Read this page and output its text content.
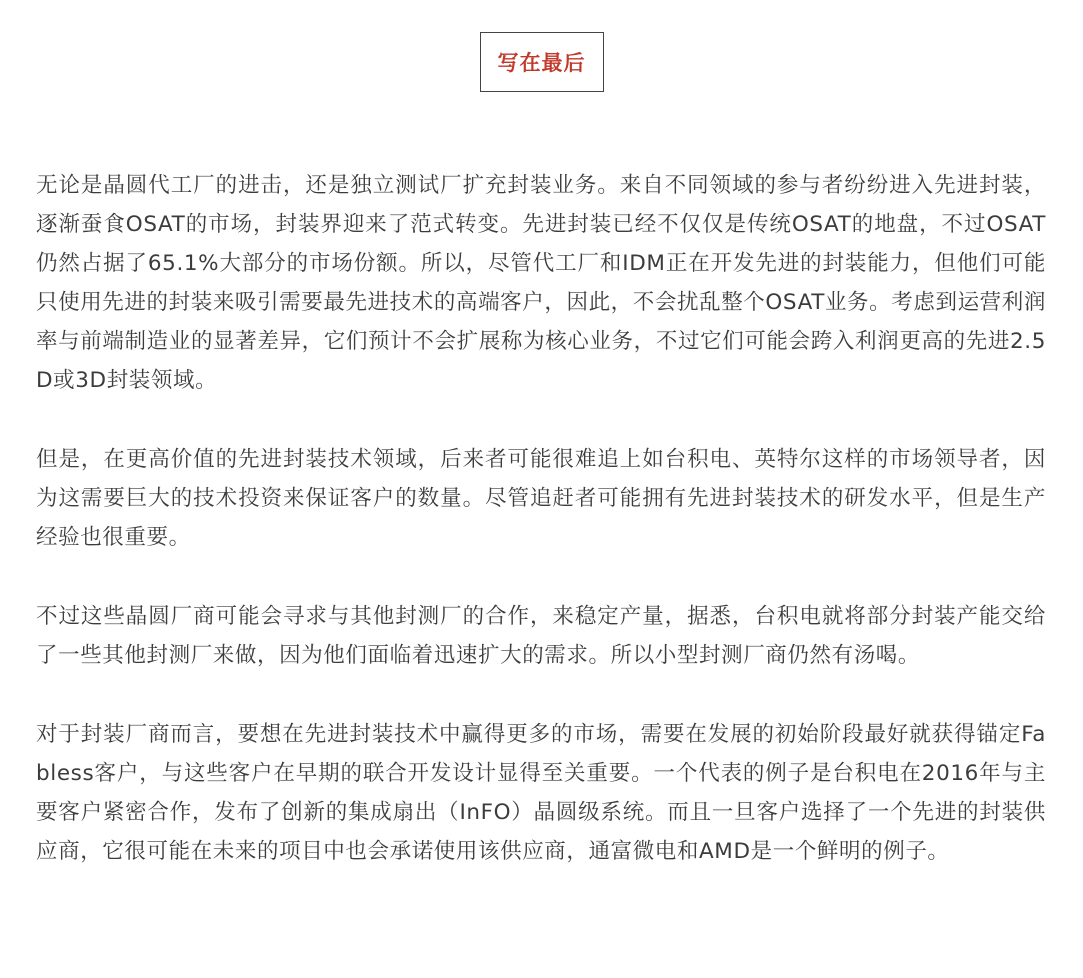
写在最后

无论是晶圆代工厂的进击，还是独立测试厂扩充封装业务。来自不同领域的参与者纷纷进入先进封装，逐渐蚕食OSAT的市场，封装界迎来了范式转变。先进封装已经不仅仅是传统OSAT的地盘，不过OSAT仍然占据了65.1%大部分的市场份额。所以，尽管代工厂和IDM正在开发先进的封装能力，但他们可能只使用先进的封装来吸引需要最先进技术的高端客户，因此，不会扰乱整个OSAT业务。考虑到运营利润率与前端制造业的显著差异，它们预计不会扩展称为核心业务，不过它们可能会跨入利润更高的先进2.5D或3D封装领域。

但是，在更高价值的先进封装技术领域，后来者可能很难追上如台积电、英特尔这样的市场领导者，因为这需要巨大的技术投资来保证客户的数量。尽管追赶者可能拥有先进封装技术的研发水平，但是生产经验也很重要。

不过这些晶圆厂商可能会寻求与其他封测厂的合作，来稳定产量，据悉，台积电就将部分封装产能交给了一些其他封测厂来做，因为他们面临着迅速扩大的需求。所以小型封测厂商仍然有汤喝。

对于封装厂商而言，要想在先进封装技术中赢得更多的市场，需要在发展的初始阶段最好就获得锚定Fabless客户，与这些客户在早期的联合开发设计显得至关重要。一个代表的例子是台积电在2016年与主要客户紧密合作，发布了创新的集成扇出（InFO）晶圆级系统。而且一旦客户选择了一个先进的封装供应商，它很可能在未来的项目中也会承诺使用该供应商，通富微电和AMD是一个鲜明的例子。
